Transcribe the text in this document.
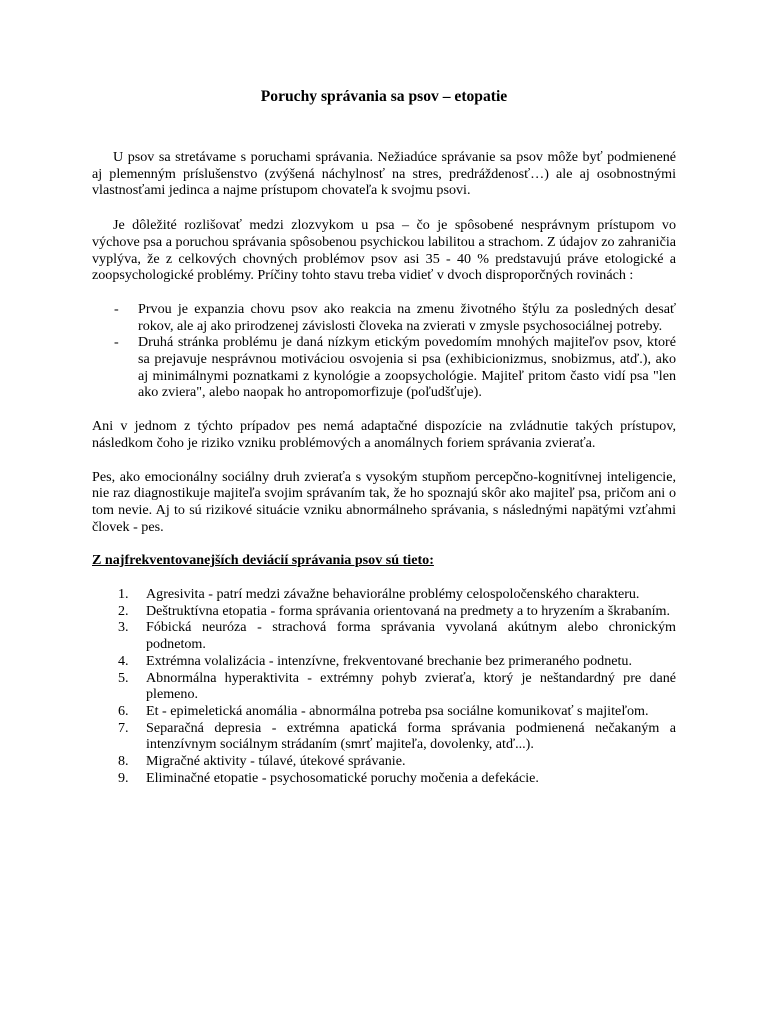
Poruchy správania sa psov – etopatie

U psov sa stretávame s poruchami správania. Nežiadúce správanie sa psov môže byť podmienené aj plemenným príslušenstvo (zvýšená náchylnosť na stres, predráždenosť…) ale aj osobnostnými vlastnosťami jedinca a najme prístupom chovateľa k svojmu psovi.

Je dôležité rozlišovať medzi zlozvykom u psa – čo je spôsobené nesprávnym prístupom vo výchove psa a poruchou správania spôsobenou psychickou labilitou a strachom. Z údajov zo zahraničia vyplýva, že z celkových chovných problémov psov asi 35 - 40 % predstavujú práve etologické a zoopsychologické problémy. Príčiny tohto stavu treba vidieť v dvoch disproporčných rovinách :

- Prvou je expanzia chovu psov ako reakcia na zmenu životného štýlu za posledných desať rokov, ale aj ako prirodzenej závislosti človeka na zvierati v zmysle psychosociálnej potreby.
- Druhá stránka problému je daná nízkym etickým povedomím mnohých majiteľov psov, ktoré sa prejavuje nesprávnou motiváciou osvojenia si psa (exhibicionizmus, snobizmus, atď.), ako aj minimálnymi poznatkami z kynológie a zoopsychológie. Majiteľ pritom často vidí psa "len ako zviera", alebo naopak ho antropomorfizuje (poľudšťuje).

Ani v jednom z týchto prípadov pes nemá adaptačné dispozície na zvládnutie takých prístupov, následkom čoho je riziko vzniku problémových a anomálnych foriem správania zvieraťa.

Pes, ako emocionálny sociálny druh zvieraťa s vysokým stupňom percepčno-kognitívnej inteligencie, nie raz diagnostikuje majiteľa svojim správaním tak, že ho spoznajú skôr ako majiteľ psa, pričom ani o tom nevie. Aj to sú rizikové situácie vzniku abnormálneho správania, s následnými napätými vzťahmi človek - pes.

Z najfrekventovanejších deviácií správania psov sú tieto:

1.	Agresivita - patrí medzi závažne behaviorálne problémy celospoločenského charakteru.
2.	Deštruktívna etopatia - forma správania orientovaná na predmety a to hryzením a škrabaním.
3.	Fóbická neuróza - strachová forma správania vyvolaná akútnym alebo chronickým podnetom.
4.	Extrémna volalizácia - intenzívne, frekventované brechanie bez primeraného podnetu.
5.	Abnormálna hyperaktivita - extrémny pohyb zvieraťa, ktorý je neštandardný pre dané plemeno.
6.	Et - epimeletická anomália - abnormálna potreba psa sociálne komunikovať s majiteľom.
7.	Separačná depresia - extrémna apatická forma správania podmienená nečakaným a intenzívnym sociálnym strádaním (smrť majiteľa, dovolenky, atď...).
8.	Migračné aktivity - túlavé, útekové správanie.
9.	Eliminačné etopatie - psychosomatické poruchy močenia a defekácie.
